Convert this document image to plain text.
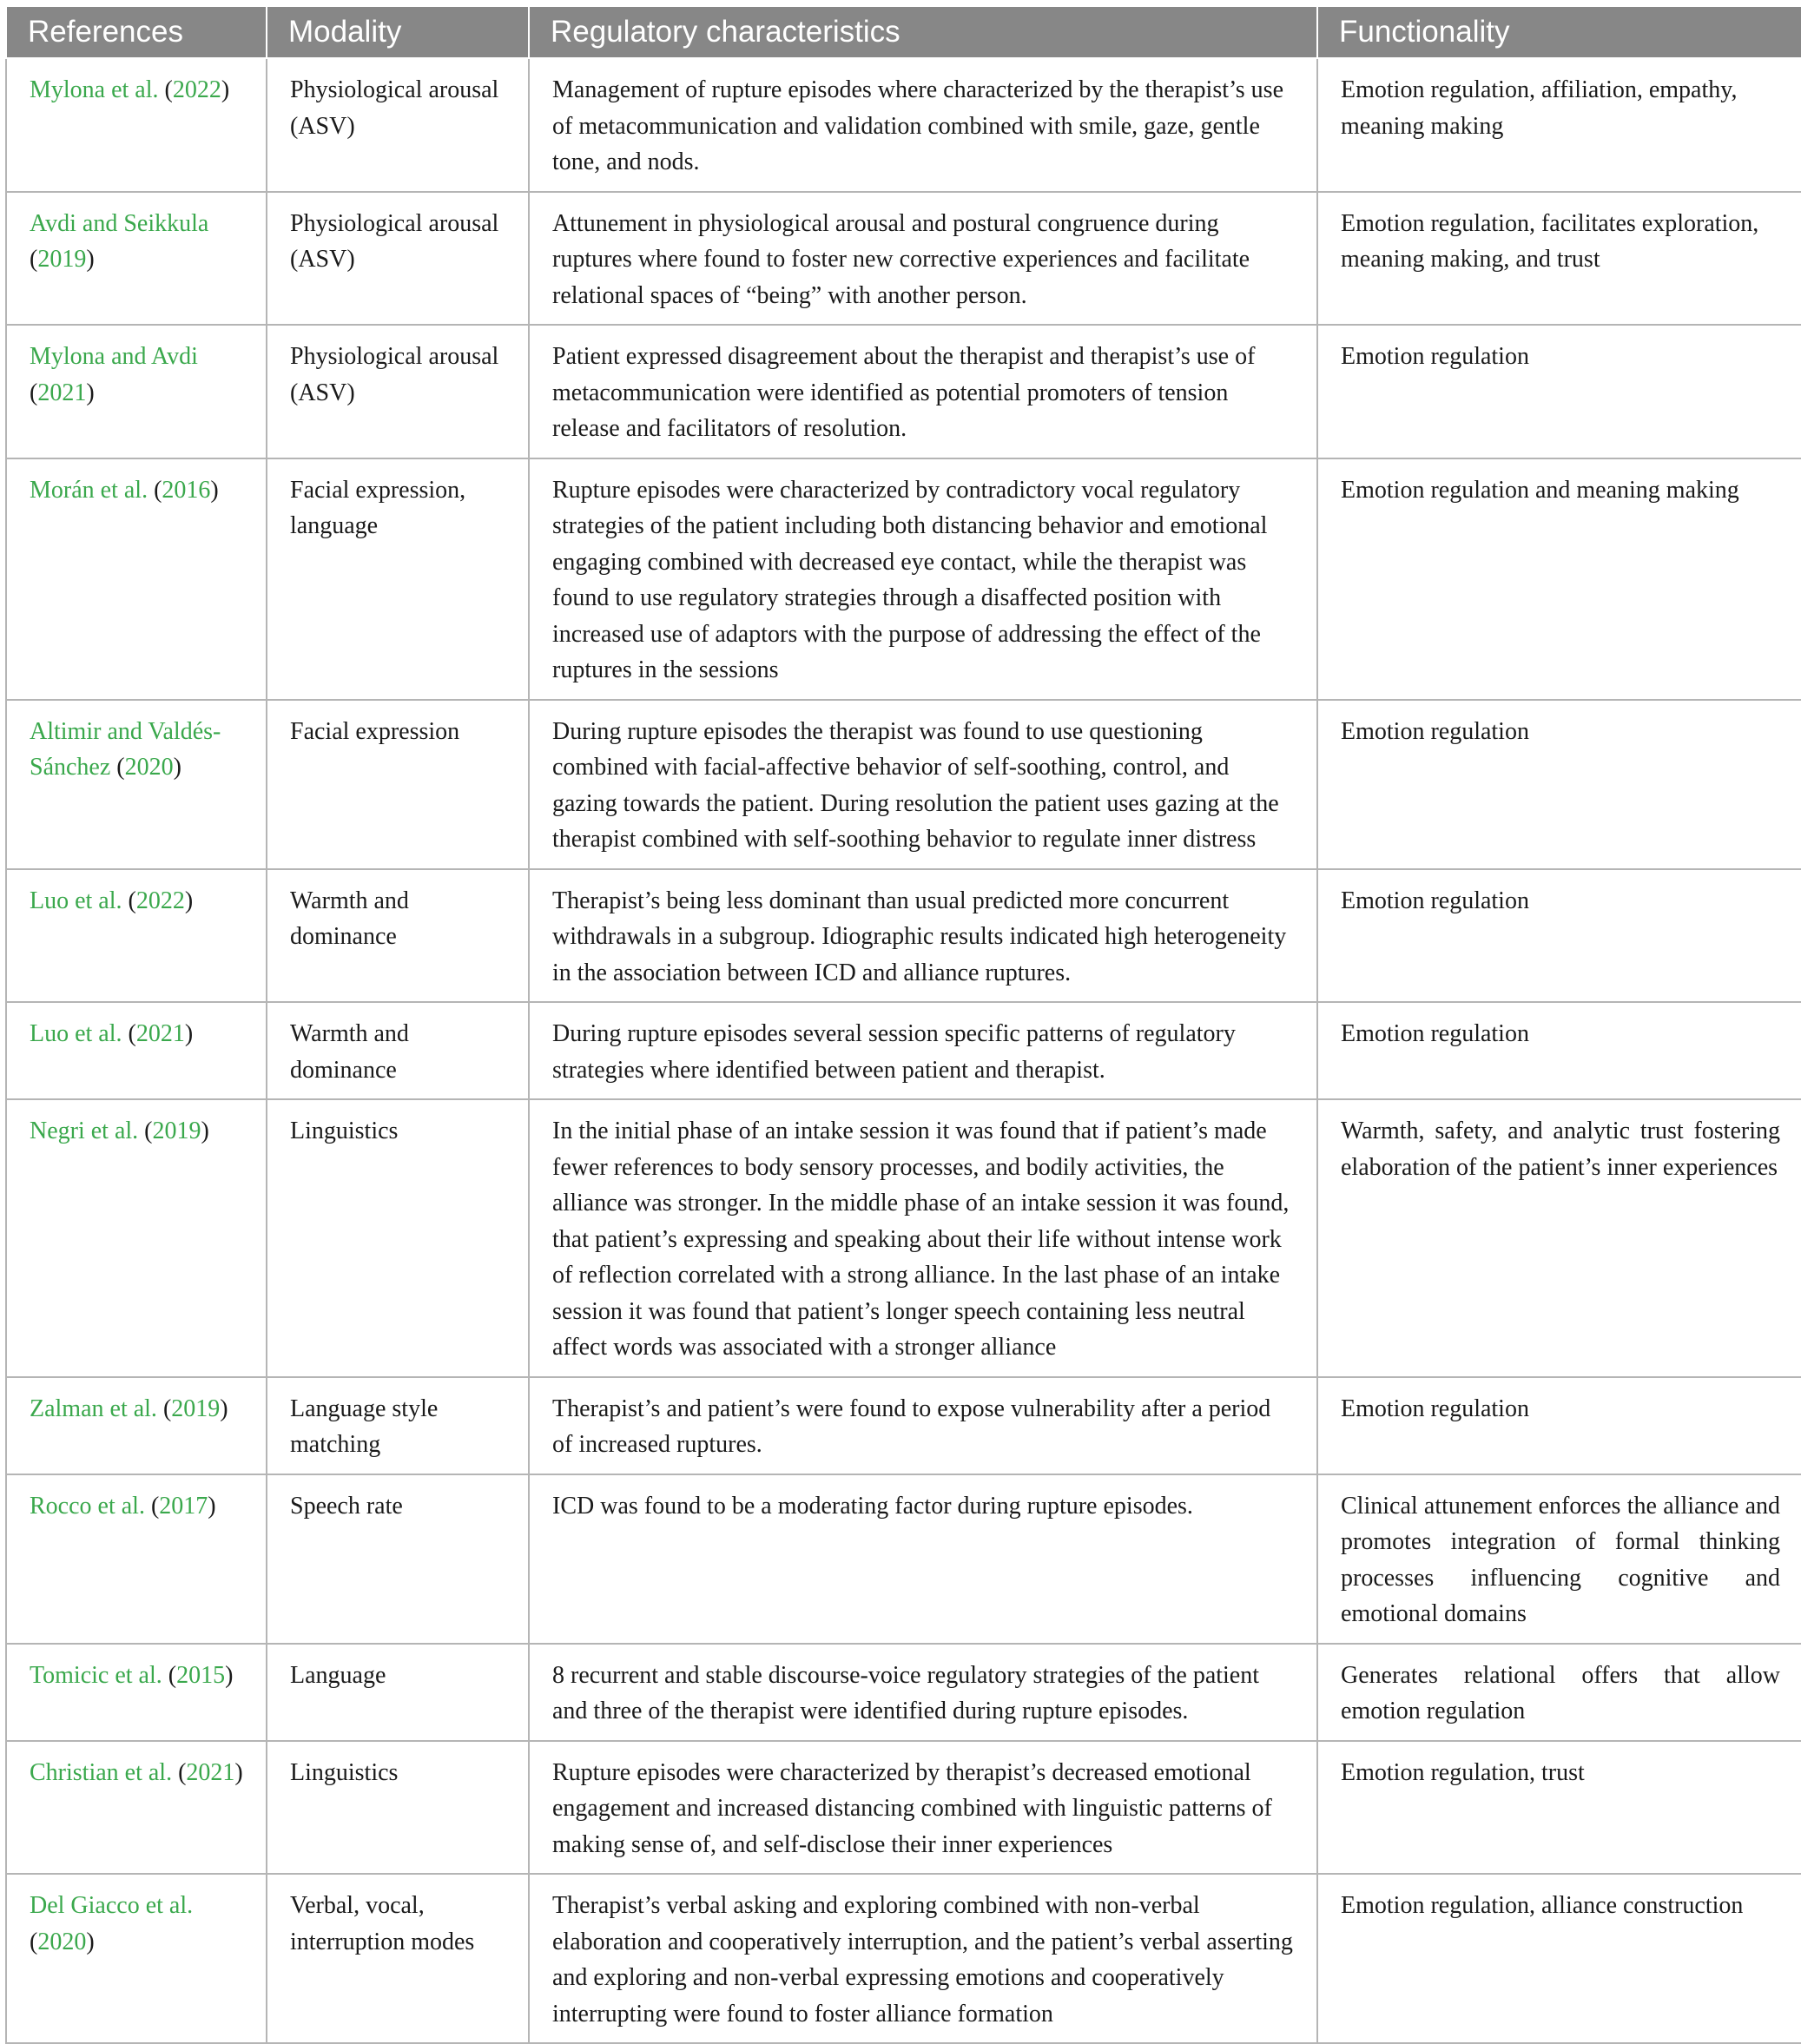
References	Modality	Regulatory characteristics	Functionality
Mylona et al. (2022)	Physiological arousal (ASV)	Management of rupture episodes where characterized by the therapist’s use of metacommunication and validation combined with smile, gaze, gentle tone, and nods.	Emotion regulation, affiliation, empathy, meaning making
Avdi and Seikkula (2019)	Physiological arousal (ASV)	Attunement in physiological arousal and postural congruence during ruptures where found to foster new corrective experiences and facilitate relational spaces of “being” with another person.	Emotion regulation, facilitates exploration, meaning making, and trust
Mylona and Avdi (2021)	Physiological arousal (ASV)	Patient expressed disagreement about the therapist and therapist’s use of metacommunication were identified as potential promoters of tension release and facilitators of resolution.	Emotion regulation
Morán et al. (2016)	Facial expression, language	Rupture episodes were characterized by contradictory vocal regulatory strategies of the patient including both distancing behavior and emotional engaging combined with decreased eye contact, while the therapist was found to use regulatory strategies through a disaffected position with increased use of adaptors with the purpose of addressing the effect of the ruptures in the sessions	Emotion regulation and meaning making
Altimir and Valdés-Sánchez (2020)	Facial expression	During rupture episodes the therapist was found to use questioning combined with facial-affective behavior of self-soothing, control, and gazing towards the patient. During resolution the patient uses gazing at the therapist combined with self-soothing behavior to regulate inner distress	Emotion regulation
Luo et al. (2022)	Warmth and dominance	Therapist’s being less dominant than usual predicted more concurrent withdrawals in a subgroup. Idiographic results indicated high heterogeneity in the association between ICD and alliance ruptures.	Emotion regulation
Luo et al. (2021)	Warmth and dominance	During rupture episodes several session specific patterns of regulatory strategies where identified between patient and therapist.	Emotion regulation
Negri et al. (2019)	Linguistics	In the initial phase of an intake session it was found that if patient’s made fewer references to body sensory processes, and bodily activities, the alliance was stronger. In the middle phase of an intake session it was found, that patient’s expressing and speaking about their life without intense work of reflection correlated with a strong alliance. In the last phase of an intake session it was found that patient’s longer speech containing less neutral affect words was associated with a stronger alliance	Warmth, safety, and analytic trust fostering elaboration of the patient’s inner experiences
Zalman et al. (2019)	Language style matching	Therapist’s and patient’s were found to expose vulnerability after a period of increased ruptures.	Emotion regulation
Rocco et al. (2017)	Speech rate	ICD was found to be a moderating factor during rupture episodes.	Clinical attunement enforces the alliance and promotes integration of formal thinking processes influencing cognitive and emotional domains
Tomicic et al. (2015)	Language	8 recurrent and stable discourse-voice regulatory strategies of the patient and three of the therapist were identified during rupture episodes.	Generates relational offers that allow emotion regulation
Christian et al. (2021)	Linguistics	Rupture episodes were characterized by therapist’s decreased emotional engagement and increased distancing combined with linguistic patterns of making sense of, and self-disclose their inner experiences	Emotion regulation, trust
Del Giacco et al. (2020)	Verbal, vocal, interruption modes	Therapist’s verbal asking and exploring combined with non-verbal elaboration and cooperatively interruption, and the patient’s verbal asserting and exploring and non-verbal expressing emotions and cooperatively interrupting were found to foster alliance formation	Emotion regulation, alliance construction
